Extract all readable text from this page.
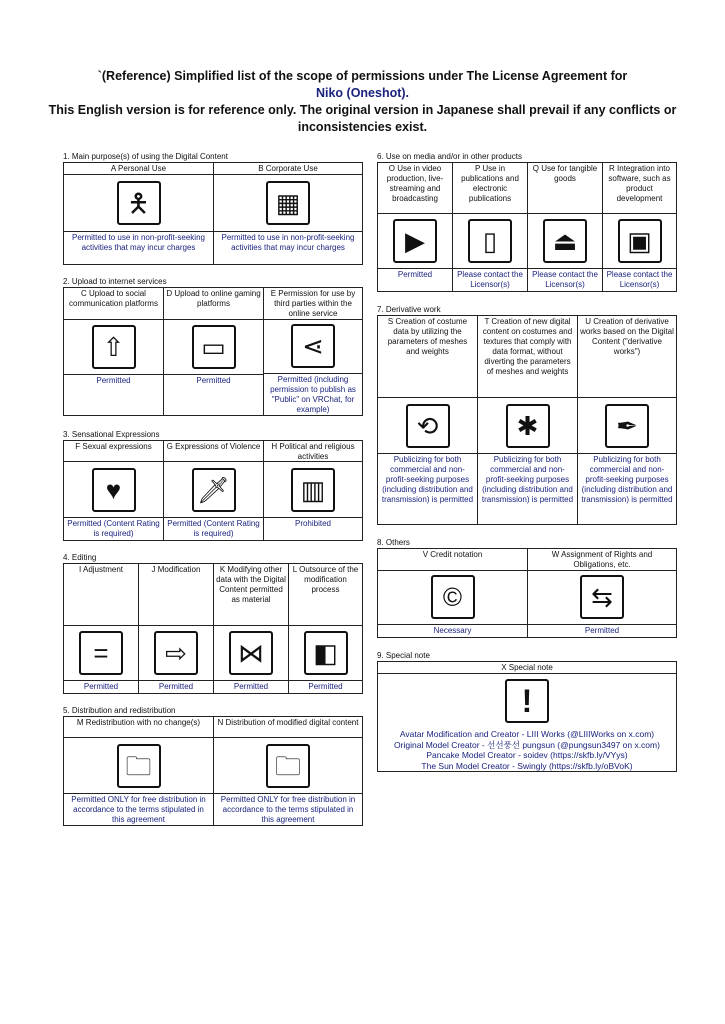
`(Reference) Simplified list of the scope of permissions under The License Agreement for
Niko (Oneshot).
This English version is for reference only. The original version in Japanese shall prevail if any conflicts or
inconsistencies exist.
1. Main purpose(s) of using the Digital Content
A Personal Use
🯅
Permitted to use in non-profit-seeking activities that may incur charges
B Corporate Use
▦
Permitted to use in non-profit-seeking activities that may incur charges
2. Upload to internet services
C Upload to social communication platforms
⇧
Permitted
D Upload to online gaming platforms
▭
Permitted
E Permission for use by third parties within the online service
⋖
Permitted (including permission to publish as "Public" on VRChat, for example)
3. Sensational Expressions
F Sexual expressions
♥
Permitted (Content Rating is required)
G Expressions of Violence
🗡
Permitted (Content Rating is required)
H Political and religious activities
▥
Prohibited
4. Editing
I Adjustment
=
Permitted
J Modification
⇨
Permitted
K Modifying other data with the Digital Content permitted as material
⋈
Permitted
L Outsource of the modification process
◧
Permitted
5. Distribution and redistribution
M Redistribution with no change(s)
🗀
Permitted ONLY for free distribution in accordance to the terms stipulated in this agreement
N Distribution of modified digital content
🗀
Permitted ONLY for free distribution in accordance to the terms stipulated in this agreement
6. Use on media and/or in other products
O Use in video production, live-streaming and broadcasting
▶
Permitted
P Use in publications and electronic publications
▯
Please contact the Licensor(s)
Q Use for tangible goods
⏏
Please contact the Licensor(s)
R Integration into software, such as product development
▣
Please contact the Licensor(s)
7. Derivative work
S Creation of costume data by utilizing the parameters of meshes and weights
⟲
Publicizing for both commercial and non-profit-seeking purposes (including distribution and transmission) is permitted
T Creation of new digital content on costumes and textures that comply with data format, without diverting the parameters of meshes and weights
✱
Publicizing for both commercial and non-profit-seeking purposes (including distribution and transmission) is permitted
U Creation of derivative works based on the Digital Content ("derivative works")
✒
Publicizing for both commercial and non-profit-seeking purposes (including distribution and transmission) is permitted
8. Others
V Credit notation
©
Necessary
W Assignment of Rights and Obligations, etc.
⇆
Permitted
9. Special note
X Special note
!
Avatar Modification and Creator - LIII Works (@LIIIWorks on x.com)
Original Model Creator - 선선풍선 pungsun (@pungsun3497 on x.com)
Pancake Model Creator - soidev (https://skfb.ly/VYys)
The Sun Model Creator - Swingly (https://skfb.ly/oBVoK)
